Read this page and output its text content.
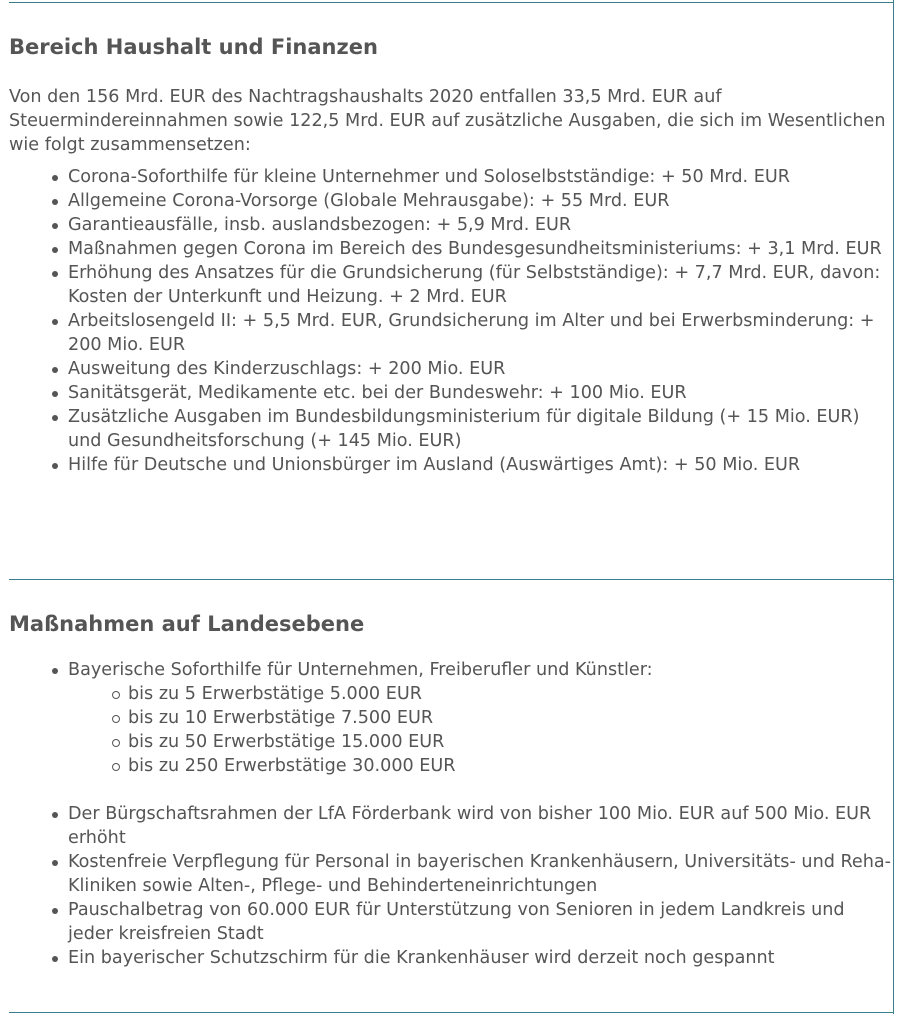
Bereich Haushalt und Finanzen

Von den 156 Mrd. EUR des Nachtragshaushalts 2020 entfallen 33,5 Mrd. EUR auf Steuermindereinnahmen sowie 122,5 Mrd. EUR auf zusätzliche Ausgaben, die sich im Wesentlichen wie folgt zusammensetzen:

Corona-Soforthilfe für kleine Unternehmer und Soloselbstständige: + 50 Mrd. EUR
Allgemeine Corona-Vorsorge (Globale Mehrausgabe): + 55 Mrd. EUR
Garantieausfälle, insb. auslandsbezogen: + 5,9 Mrd. EUR
Maßnahmen gegen Corona im Bereich des Bundesgesundheitsministeriums: + 3,1 Mrd. EUR
Erhöhung des Ansatzes für die Grundsicherung (für Selbstständige): + 7,7 Mrd. EUR, davon: Kosten der Unterkunft und Heizung. + 2 Mrd. EUR
Arbeitslosengeld II: + 5,5 Mrd. EUR, Grundsicherung im Alter und bei Erwerbsminderung: + 200 Mio. EUR
Ausweitung des Kinderzuschlags: + 200 Mio. EUR
Sanitätsgerät, Medikamente etc. bei der Bundeswehr: + 100 Mio. EUR
Zusätzliche Ausgaben im Bundesbildungsministerium für digitale Bildung (+ 15 Mio. EUR) und Gesundheitsforschung (+ 145 Mio. EUR)
Hilfe für Deutsche und Unionsbürger im Ausland (Auswärtiges Amt): + 50 Mio. EUR
Maßnahmen auf Landesebene
Bayerische Soforthilfe für Unternehmen, Freiberufler und Künstler:
bis zu 5 Erwerbstätige 5.000 EUR
bis zu 10 Erwerbstätige 7.500 EUR
bis zu 50 Erwerbstätige 15.000 EUR
bis zu 250 Erwerbstätige 30.000 EUR
Der Bürgschaftsrahmen der LfA Förderbank wird von bisher 100 Mio. EUR auf 500 Mio. EUR erhöht
Kostenfreie Verpflegung für Personal in bayerischen Krankenhäusern, Universitäts- und Reha-Kliniken sowie Alten-, Pflege- und Behinderteneinrichtungen
Pauschalbetrag von 60.000 EUR für Unterstützung von Senioren in jedem Landkreis und jeder kreisfreien Stadt
Ein bayerischer Schutzschirm für die Krankenhäuser wird derzeit noch gespannt
